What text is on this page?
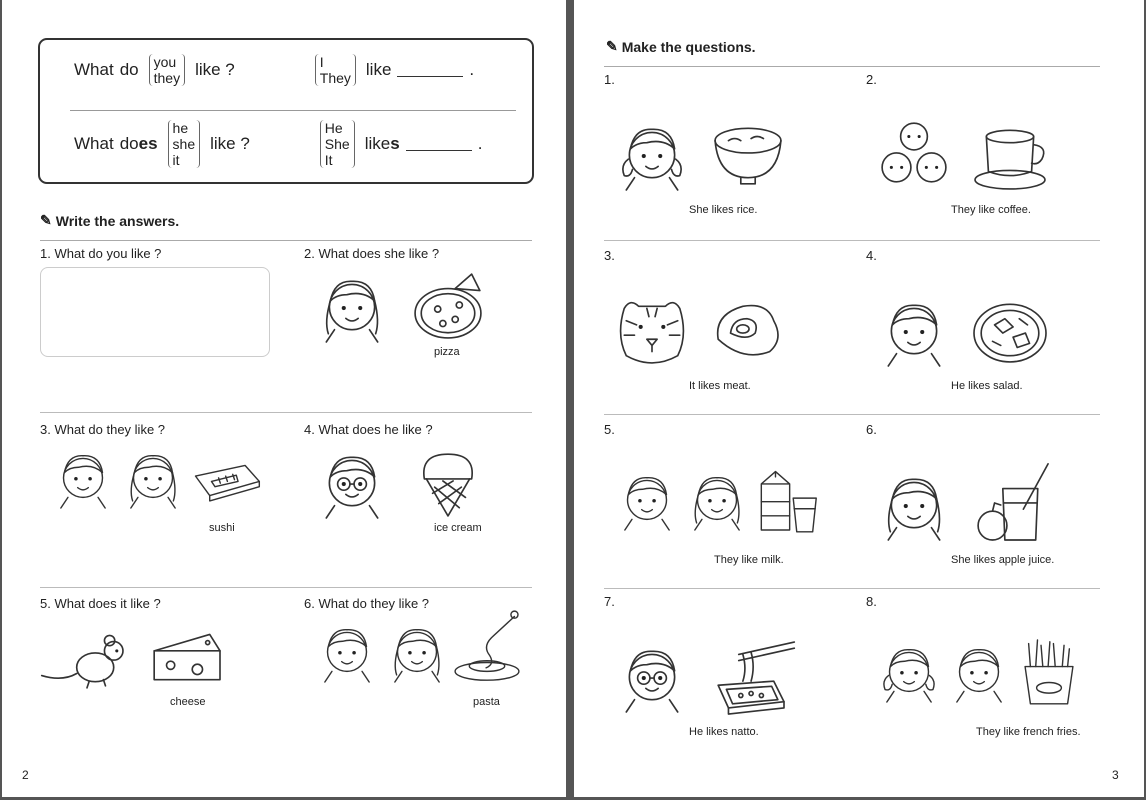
What do you
they like ?	I
They like	.
What does
he
she
it
like ?
He
She
It
likes	.
✎ Write the answers.
1. What do you like ?	2. What does she like ?
pizza
3. What do they like ?
sushi
4. What does he like ?
ice cream
5. What does it like ?
cheese
6. What do they like ?
pasta
2
✎ Make the questions.
1.
She likes rice.
2.
They like coffee.
3.
It likes meat.
4.
He likes salad.
5.
They like milk.
6.
She likes apple juice.
7.
He likes natto.
8.
They like french fries.
3
